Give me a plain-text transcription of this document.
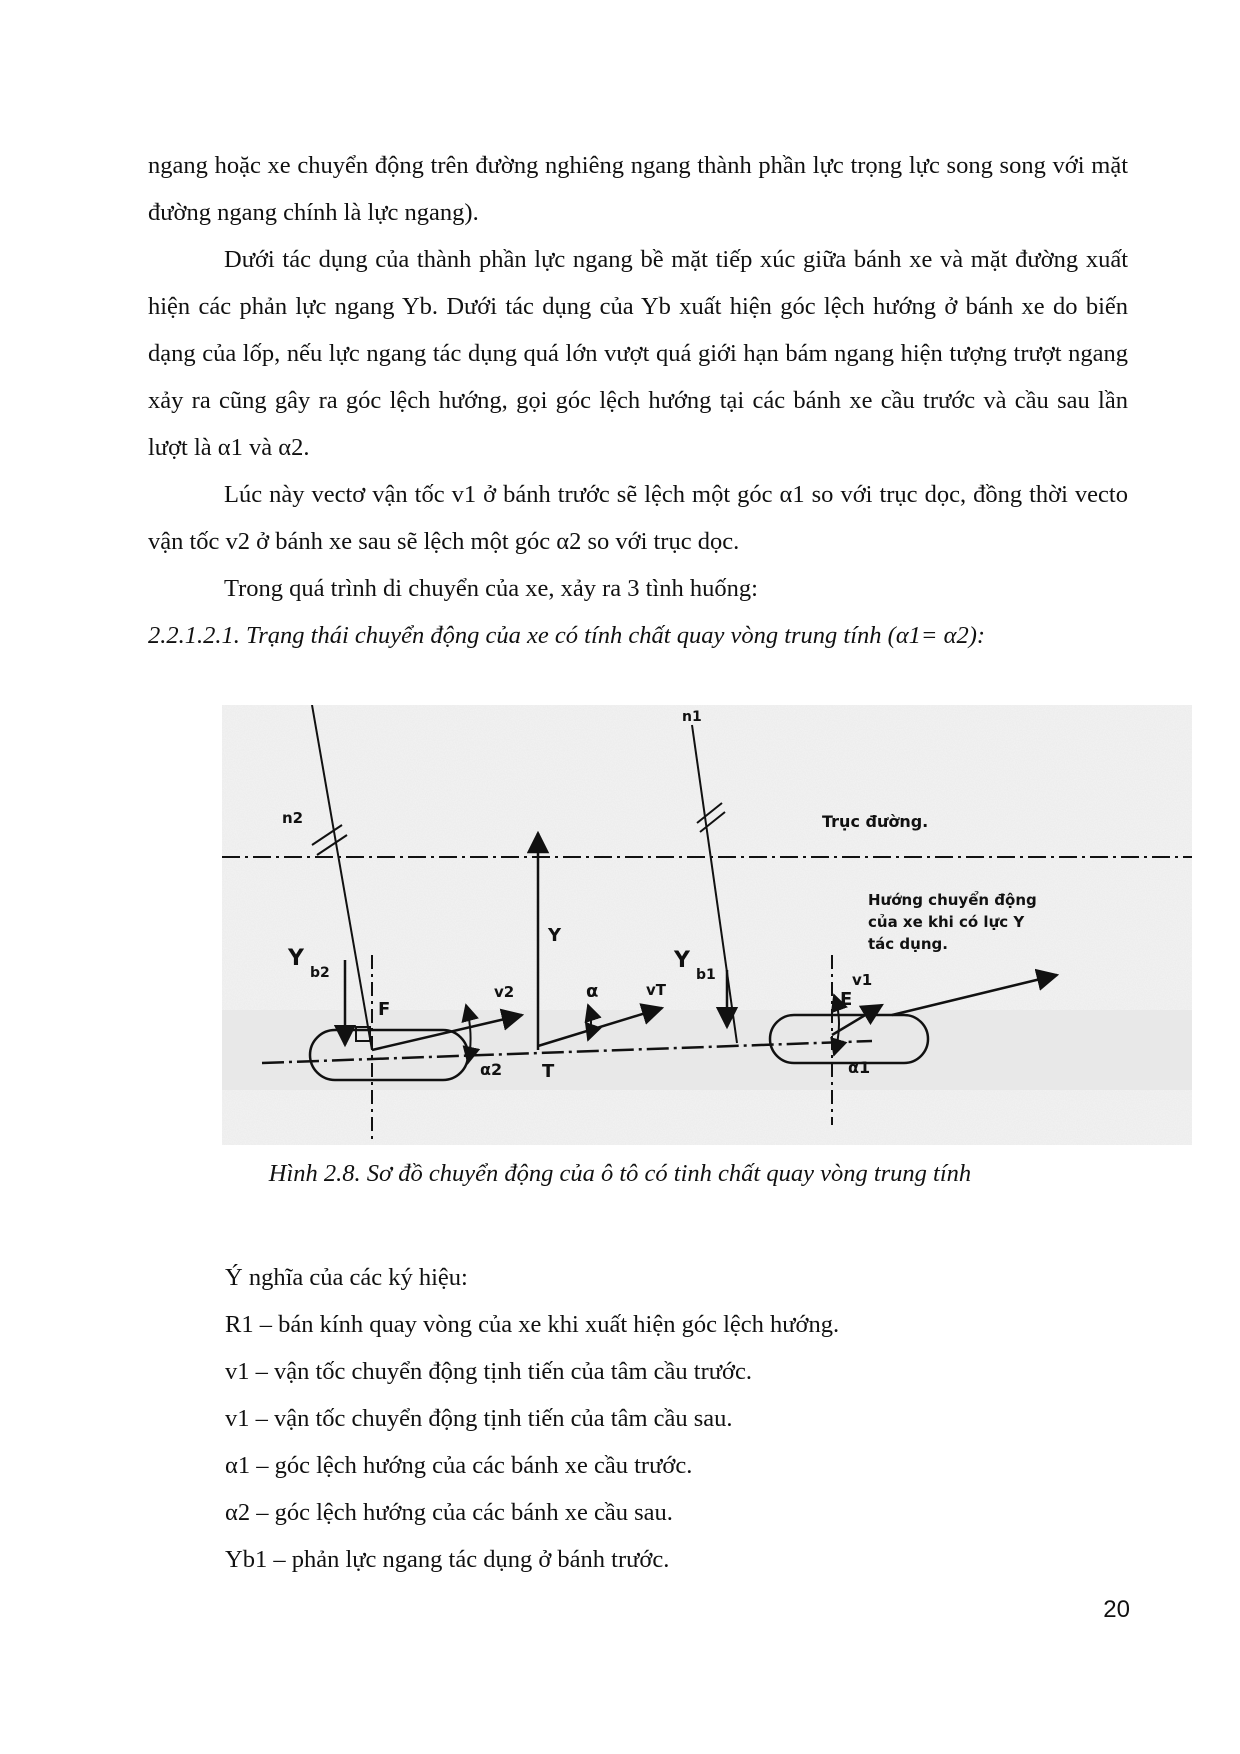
ngang hoặc xe chuyển động trên đường nghiêng ngang thành phần lực trọng lực song song với mặt đường ngang chính là lực ngang).

Dưới tác dụng của thành phần lực ngang bề mặt tiếp xúc giữa bánh xe và mặt đường xuất hiện các phản lực ngang Yb. Dưới tác dụng của Yb xuất hiện góc lệch hướng ở bánh xe do biến dạng của lốp, nếu lực ngang tác dụng quá lớn vượt quá giới hạn bám ngang hiện tượng trượt ngang xảy ra cũng gây ra góc lệch hướng, gọi góc lệch hướng tại các bánh xe cầu trước và cầu sau lần lượt là α1 và α2.

Lúc này vectơ vận tốc v1 ở bánh trước sẽ lệch một góc α1 so với trục dọc, đồng thời vecto vận tốc v2 ở bánh xe sau sẽ lệch một góc α2 so với trục dọc.

Trong quá trình di chuyển của xe, xảy ra 3 tình huống:

2.2.1.2.1. Trạng thái chuyển động của xe có tính chất quay vòng trung tính (α1= α2):

n2
n1
Trục đường.
Hướng chuyển động
của xe khi có lực Y
tác dụng.
Y
b2	Y
b1
Y
F	E
T
v2	vT
v1
α
α2	α1

Hình 2.8. Sơ đồ chuyển động của ô tô có tinh chất quay vòng trung tính

Ý nghĩa của các ký hiệu:

R1 – bán kính quay vòng của xe khi xuất hiện góc lệch hướng.

v1 – vận tốc chuyển động tịnh tiến của tâm cầu trước.

v1 – vận tốc chuyển động tịnh tiến của tâm cầu sau.

α1 – góc lệch hướng của các bánh xe cầu trước.

α2 – góc lệch hướng của các bánh xe cầu sau.

Yb1 – phản lực ngang tác dụng ở bánh trước.

20
